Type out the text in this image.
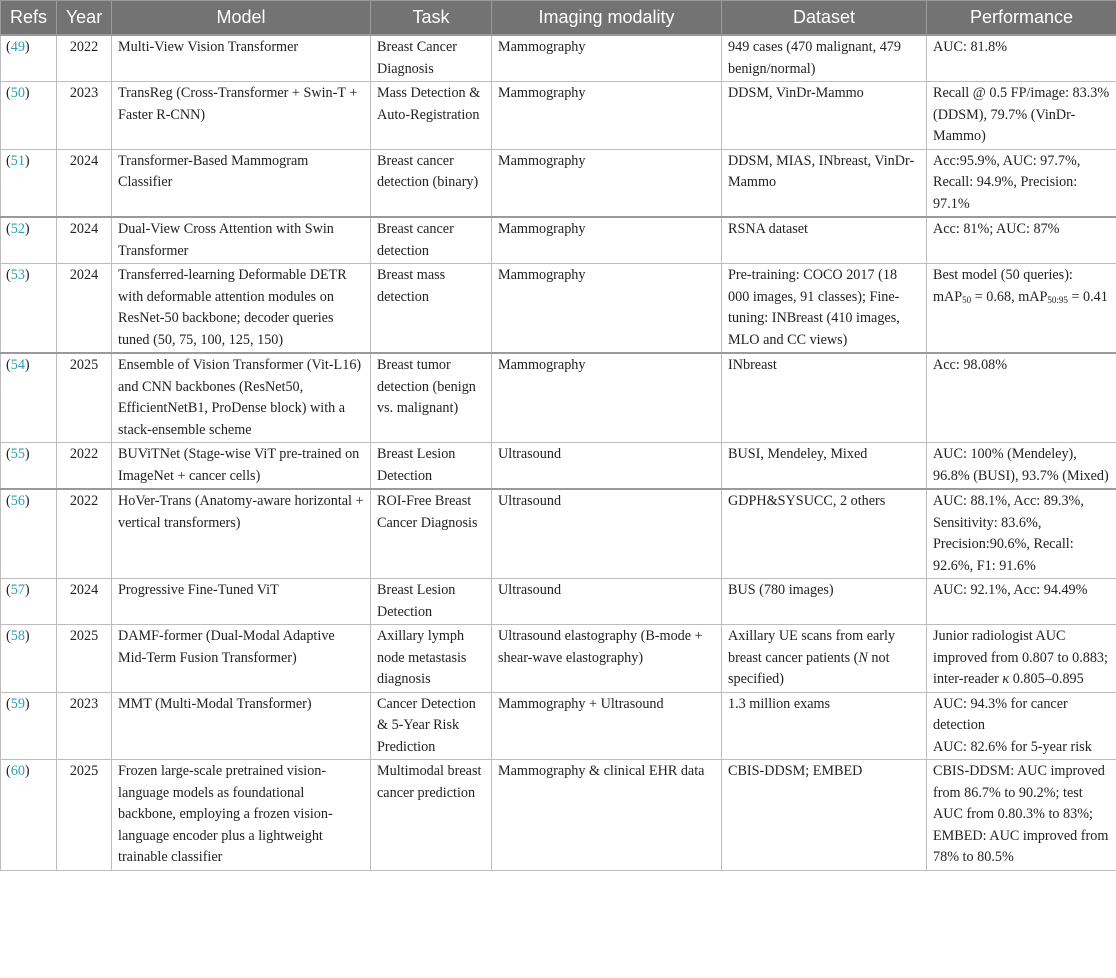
Refs	Year	Model	Task	Imaging modality	Dataset	Performance
(49)	2022	Multi-View Vision Transformer	Breast Cancer Diagnosis	Mammography	949 cases (470 malignant, 479 benign/normal)	AUC: 81.8%
(50)	2023	TransReg (Cross-Transformer + Swin-T + Faster R-CNN)	Mass Detection & Auto-Registration	Mammography	DDSM, VinDr-Mammo	Recall @ 0.5 FP/image: 83.3% (DDSM), 79.7% (VinDr-Mammo)
(51)	2024	Transformer-Based Mammogram Classifier	Breast cancer detection (binary)	Mammography	DDSM, MIAS, INbreast, VinDr-Mammo	Acc:95.9%, AUC: 97.7%, Recall: 94.9%, Precision: 97.1%
(52)	2024	Dual-View Cross Attention with Swin Transformer	Breast cancer detection	Mammography	RSNA dataset	Acc: 81%; AUC: 87%
(53)	2024	Transferred-learning Deformable DETR with deformable attention modules on ResNet-50 backbone; decoder queries tuned (50, 75, 100, 125, 150)	Breast mass detection	Mammography	Pre-training: COCO 2017 (18 000 images, 91 classes); Fine-tuning: INBreast (410 images, MLO and CC views)	Best model (50 queries): mAP$_{50}$ = 0.68, mAP$_{50:95}$ = 0.41
(54)	2025	Ensemble of Vision Transformer (Vit-L16) and CNN backbones (ResNet50, EfficientNetB1, ProDense block) with a stack-ensemble scheme	Breast tumor detection (benign vs. malignant)	Mammography	INbreast	Acc: 98.08%
(55)	2022	BUViTNet (Stage-wise ViT pre-trained on ImageNet + cancer cells)	Breast Lesion Detection	Ultrasound	BUSI, Mendeley, Mixed	AUC: 100% (Mendeley), 96.8% (BUSI), 93.7% (Mixed)
(56)	2022	HoVer-Trans (Anatomy-aware horizontal + vertical transformers)	ROI-Free Breast Cancer Diagnosis	Ultrasound	GDPH&SYSUCC, 2 others	AUC: 88.1%, Acc: 89.3%, Sensitivity: 83.6%, Precision:90.6%, Recall: 92.6%, F1: 91.6%
(57)	2024	Progressive Fine-Tuned ViT	Breast Lesion Detection	Ultrasound	BUS (780 images)	AUC: 92.1%, Acc: 94.49%
(58)	2025	DAMF-former (Dual-Modal Adaptive Mid-Term Fusion Transformer)	Axillary lymph node metastasis diagnosis	Ultrasound elastography (B-mode + shear-wave elastography)	Axillary UE scans from early breast cancer patients (N not specified)	Junior radiologist AUC improved from 0.807 to 0.883; inter-reader κ 0.805–0.895
(59)	2023	MMT (Multi-Modal Transformer)	Cancer Detection & 5-Year Risk Prediction	Mammography + Ultrasound	1.3 million exams	AUC: 94.3% for cancer detection
AUC: 82.6% for 5-year risk

(60)	2025	Frozen large-scale pretrained vision-language models as foundational backbone, employing a frozen vision-language encoder plus a lightweight trainable classifier	Multimodal breast cancer prediction	Mammography & clinical EHR data	CBIS-DDSM; EMBED	CBIS-DDSM: AUC improved from 86.7% to 90.2%; test AUC from 0.80.3% to 83%;
EMBED: AUC improved from 78% to 80.5%
